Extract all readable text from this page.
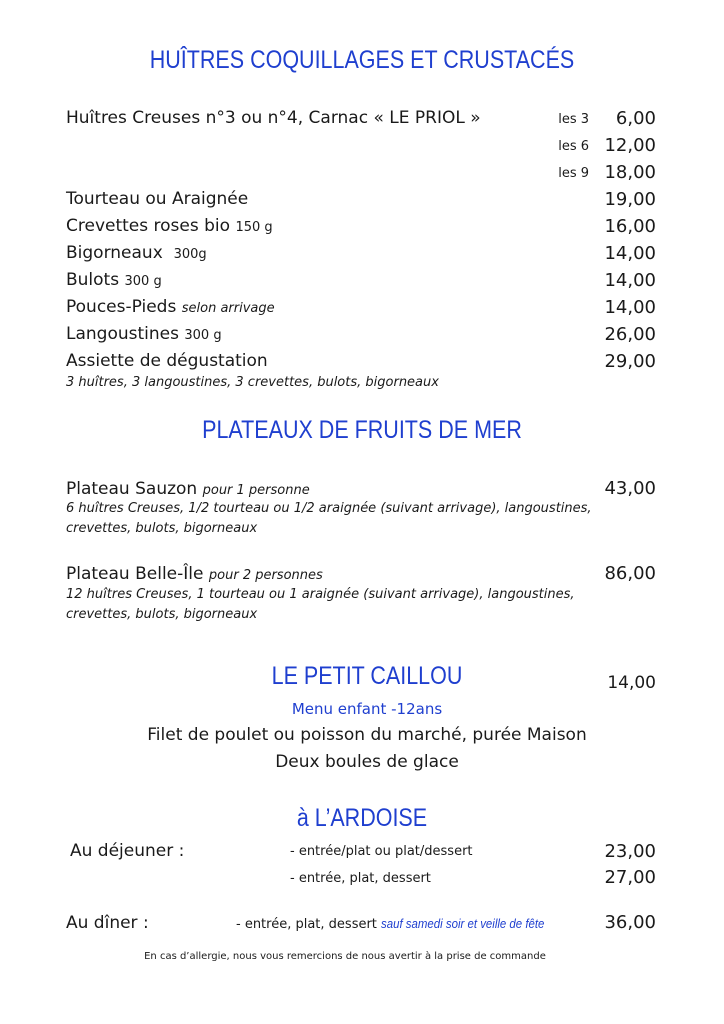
HUÎTRES COQUILLAGES ET CRUSTACÉS
Huîtres Creuses n°3 ou n°4, Carnac « LE PRIOL »	les 3 6,00
les 6 12,00
les 9 18,00
Tourteau ou Araignée	19,00
Crevettes roses bio 150 g	16,00
Bigorneaux 300g	14,00
Bulots 300 g	14,00
Pouces-Pieds selon arrivage	14,00
Langoustines 300 g	26,00
Assiette de dégustation	29,00
3 huîtres, 3 langoustines, 3 crevettes, bulots, bigorneaux
PLATEAUX DE FRUITS DE MER
Plateau Sauzon pour 1 personne	43,00
6 huîtres Creuses, 1/2 tourteau ou 1/2 araignée (suivant arrivage), langoustines,
crevettes, bulots, bigorneaux
Plateau Belle-Île pour 2 personnes	86,00
12 huîtres Creuses, 1 tourteau ou 1 araignée (suivant arrivage), langoustines,
crevettes, bulots, bigorneaux
LE PETIT CAILLOU	14,00
Menu enfant -12ans
Filet de poulet ou poisson du marché, purée Maison
Deux boules de glace
à L’ARDOISE
Au déjeuner :	- entrée/plat ou plat/dessert	23,00
- entrée, plat, dessert	27,00
Au dîner :	- entrée, plat, dessert sauf samedi soir et veille de fête	36,00
En cas d’allergie, nous vous remercions de nous avertir à la prise de commande
